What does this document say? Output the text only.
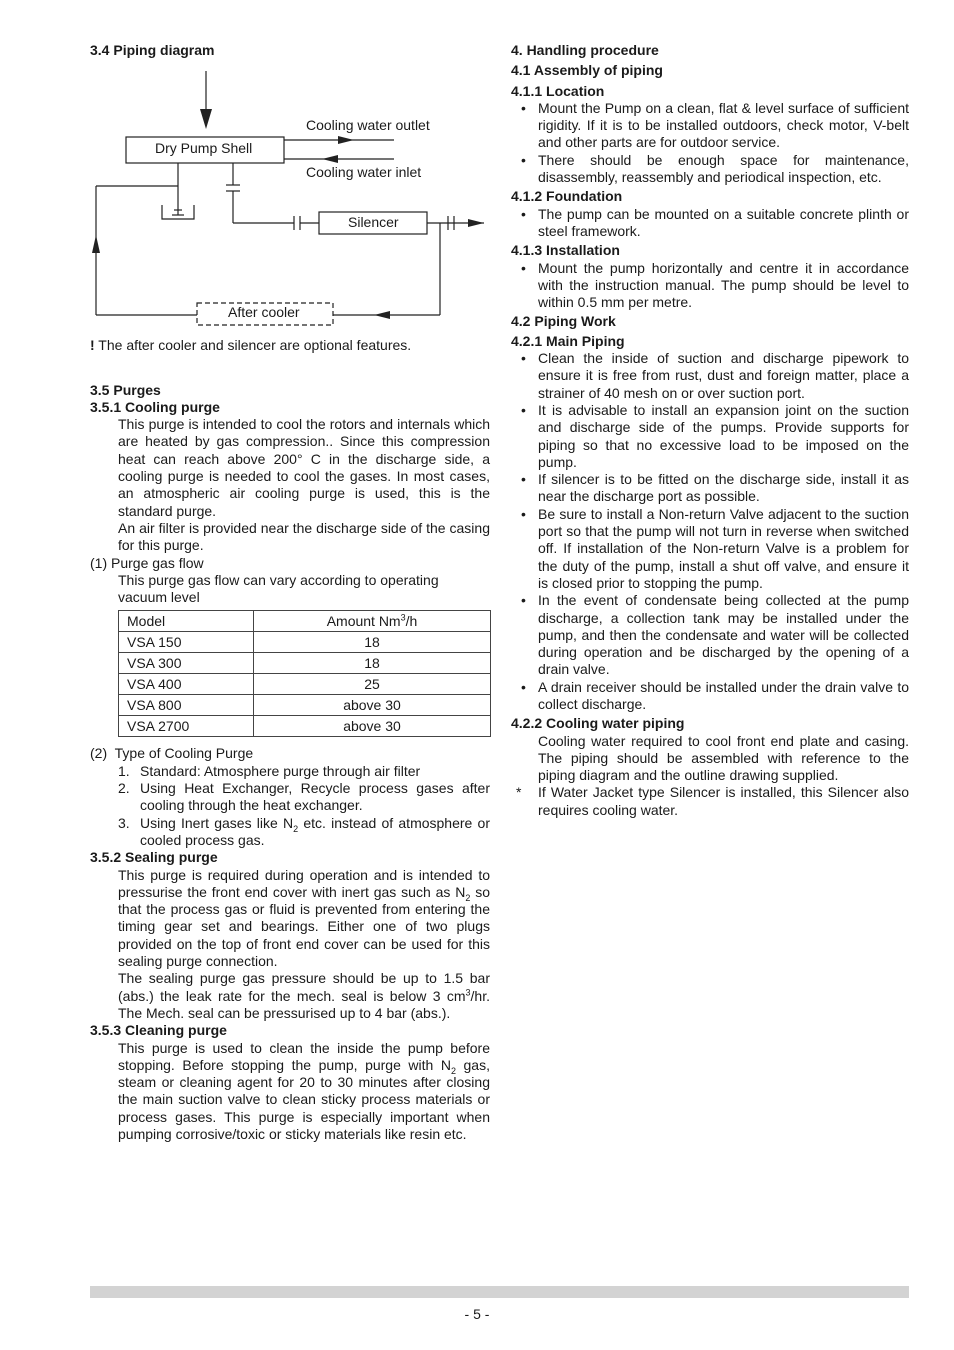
3.4 Piping diagram
Dry Pump Shell
Cooling water outlet
Cooling water inlet
Silencer
After cooler

! The after cooler and silencer are optional features.

3.5 Purges
3.5.1 Cooling purge

This purge is intended to cool the rotors and internals which are heated by gas compression.. Since this compression heat can reach above 200° C in the discharge side, a cooling purge is needed to cool the gases. In most cases, an atmospheric air cooling purge is used, this is the standard purge.

An air filter is provided near the discharge side of the casing for this purge.

(1) Purge gas flow

This purge gas flow can vary according to operating vacuum level

Model	Amount Nm$^3$/h
VSA 150	18
VSA 300	18
VSA 400	25
VSA 800	above 30
VSA 2700	above 30
(2)  Type of Cooling Purge
1. Standard: Atmosphere purge through air filter
2. Using Heat Exchanger, Recycle process gases after cooling through the heat exchanger.
3. Using Inert gases like $N_2$ etc. instead of atmosphere or cooled process gas.
3.5.2 Sealing purge

This purge is required during operation and is intended to pressurise the front end cover with inert gas such as $N_2$ so that the process gas or fluid is prevented from entering the timing gear set and bearings. Either one of two plugs provided on the top of front end cover can be used for this sealing purge connection.

The sealing purge gas pressure should be up to 1.5 bar (abs.) the leak rate for the mech. seal is below 3 $cm^3/hr$. The Mech. seal can be pressurised up to 4 bar (abs.).

3.5.3 Cleaning purge

This purge is used to clean the inside the pump before stopping. Before stopping the pump, purge with $N_2$ gas, steam or cleaning agent for 20 to 30 minutes after closing the main suction valve to clean sticky process materials or process gases. This purge is especially important when pumping corrosive/toxic or sticky materials like resin etc.

4. Handling procedure
4.1 Assembly of piping
4.1.1 Location
• Mount the Pump on a clean, flat & level surface of sufficient rigidity. If it is to be installed outdoors, check motor, V-belt and other parts are for outdoor service.
• There should be enough space for maintenance, disassembly, reassembly and periodical inspection, etc.
4.1.2 Foundation
• The pump can be mounted on a suitable concrete plinth or steel framework.
4.1.3 Installation
• Mount the pump horizontally and centre it in accordance with the instruction manual. The pump should be level to within 0.5 mm per metre.
4.2 Piping Work
4.2.1 Main Piping
• Clean the inside of suction and discharge pipework to ensure it is free from rust, dust and foreign matter, place a strainer of 40 mesh on or over suction port.
• It is advisable to install an expansion joint on the suction and discharge side of the pumps. Provide supports for piping so that no excessive load to be imposed on the pump.
• If silencer is to be fitted on the discharge side, install it as near the discharge port as possible.
• Be sure to install a Non-return Valve adjacent to the suction port so that the pump will not turn in reverse when switched off. If installation of the Non-return Valve is a problem for the duty of the pump, install a shut off valve, and ensure it is closed prior to stopping the pump.
• In the event of condensate being collected at the pump discharge, a collection tank may be installed under the pump, and then the condensate and water will be collected during operation and be discharged by the opening of a drain valve.
• A drain receiver should be installed under the drain valve to collect discharge.
4.2.2 Cooling water piping

Cooling water required to cool front end plate and casing. The piping should be assembled with reference to the piping diagram and the outline drawing supplied.

* If Water Jacket type Silencer is installed, this Silencer also requires cooling water.
- 5 -
